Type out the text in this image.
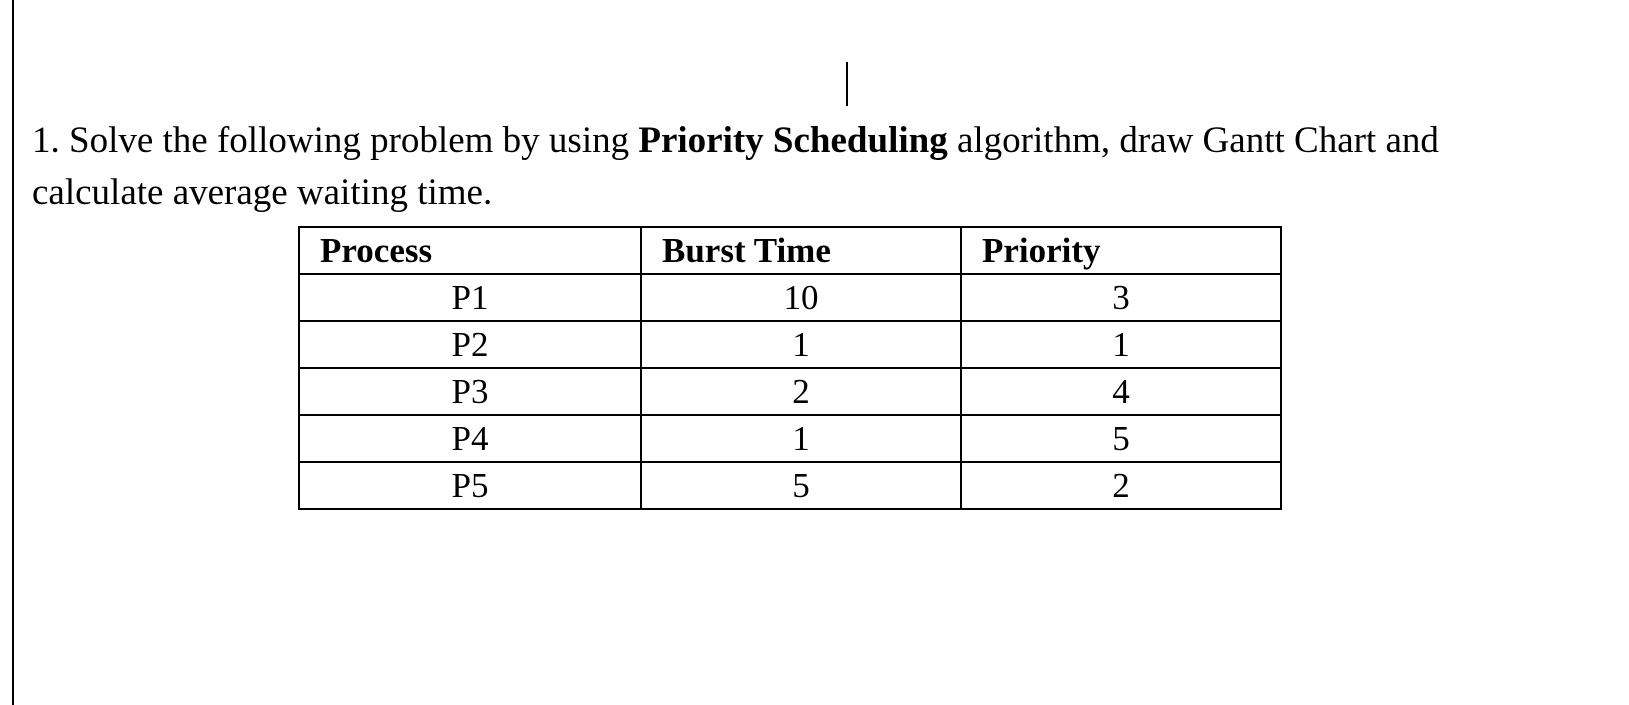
1. Solve the following problem by using Priority Scheduling algorithm, draw Gantt Chart and
calculate average waiting time.
Process	Burst Time	Priority
P1	10	3
P2	1	1
P3	2	4
P4	1	5
P5	5	2
